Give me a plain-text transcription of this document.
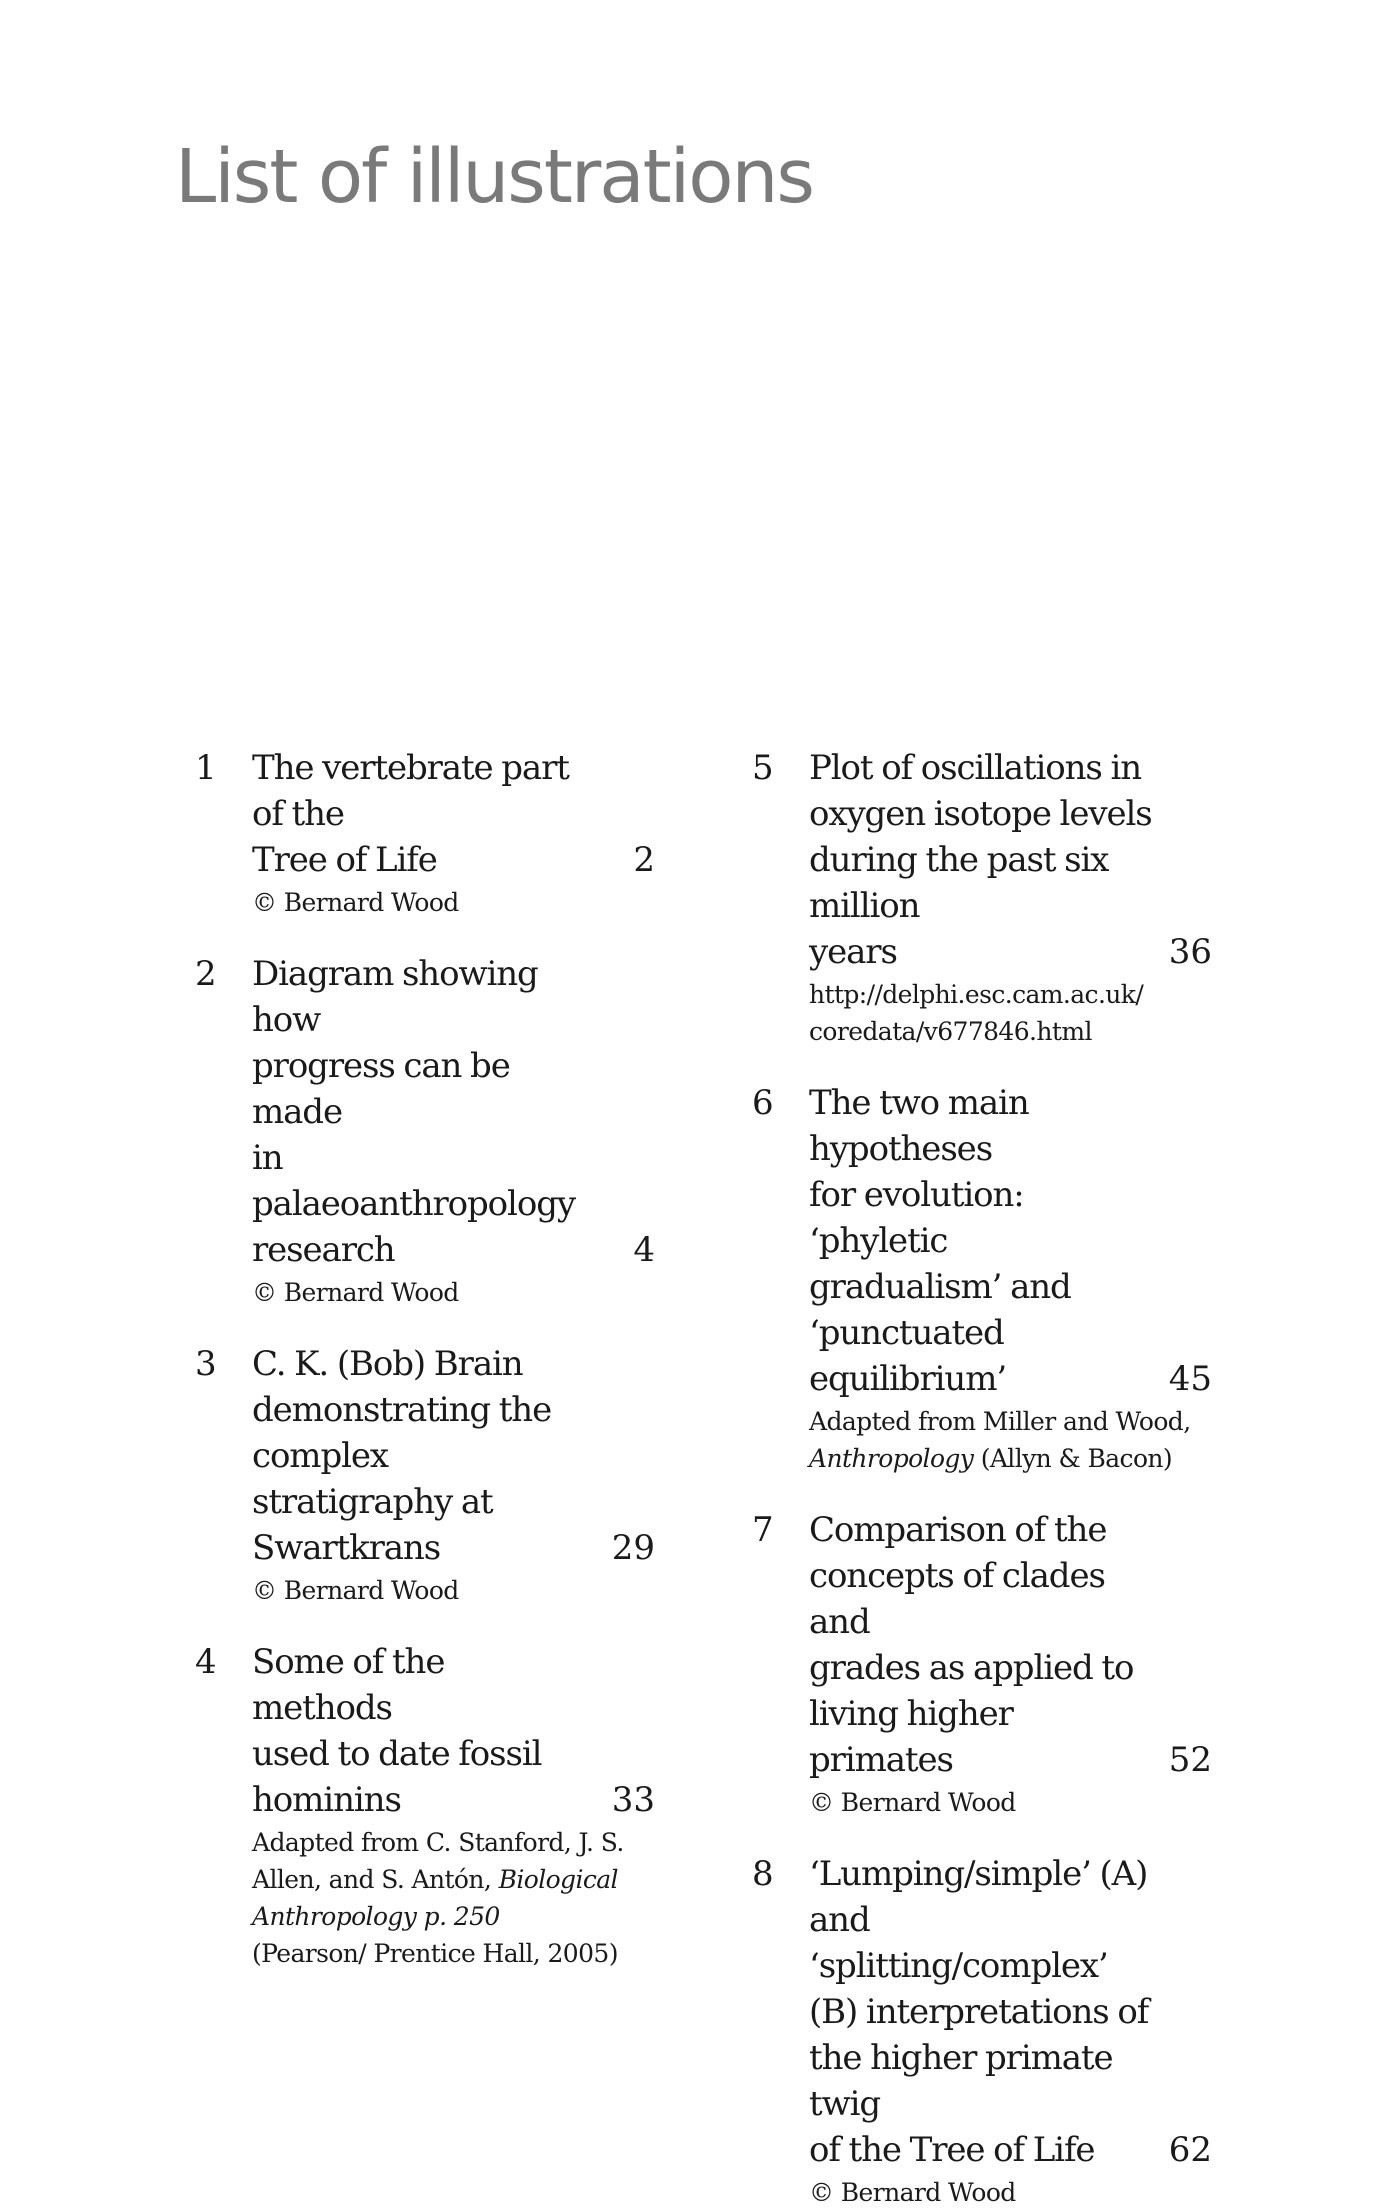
List of illustrations
1 The vertebrate part of the
Tree of Life	2
© Bernard Wood
2 Diagram showing how
progress can be made
in palaeoanthropology
research	4
© Bernard Wood
3 C. K. (Bob) Brain
demonstrating the
complex stratigraphy at
Swartkrans	29
© Bernard Wood
4 Some of the methods
used to date fossil
hominins	33
Adapted from C. Stanford, J. S.
Allen, and S. Antón, Biological
Anthropology p. 250
(Pearson/ Prentice Hall, 2005)
5 Plot of oscillations in
oxygen isotope levels
during the past six million
years	36
http://delphi.esc.cam.ac.uk/
coredata/v677846.html
6 The two main hypotheses
for evolution: ‘phyletic
gradualism’ and
‘punctuated
equilibrium’	45
Adapted from Miller and Wood,
Anthropology (Allyn & Bacon)
7 Comparison of the
concepts of clades and
grades as applied to
living higher primates	52
© Bernard Wood
8 ‘Lumping/simple’ (A) and
‘splitting/complex’
(B) interpretations of
the higher primate twig
of the Tree of Life 62
© Bernard Wood
